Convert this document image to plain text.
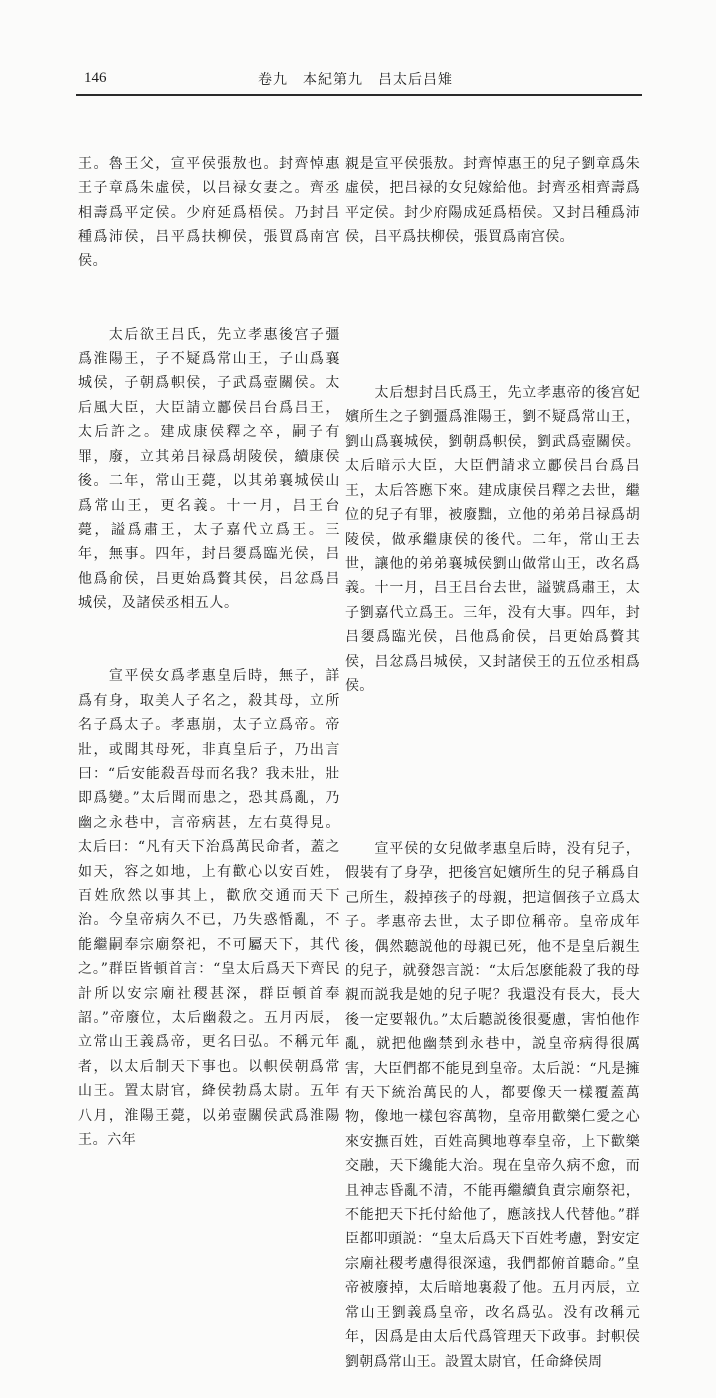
146	卷九　本紀第九　吕太后吕雉

王。魯王父，宣平侯張敖也。封齊悼惠王子章爲朱虛侯，以吕禄女妻之。齊丞相壽爲平定侯。少府延爲梧侯。乃封吕種爲沛侯，吕平爲扶柳侯，張買爲南宫侯。

　　太后欲王吕氏，先立孝惠後宫子彊爲淮陽王，子不疑爲常山王，子山爲襄城侯，子朝爲軹侯，子武爲壺關侯。太后風大臣，大臣請立酈侯吕台爲吕王，太后許之。建成康侯釋之卒，嗣子有罪，廢，立其弟吕禄爲胡陵侯，續康侯後。二年，常山王薨，以其弟襄城侯山爲常山王，更名義。十一月，吕王台薨，謚爲肅王，太子嘉代立爲王。三年，無事。四年，封吕嬃爲臨光侯，吕他爲俞侯，吕更始爲贅其侯，吕忿爲吕城侯，及諸侯丞相五人。

　　宣平侯女爲孝惠皇后時，無子，詳爲有身，取美人子名之，殺其母，立所名子爲太子。孝惠崩，太子立爲帝。帝壯，或聞其母死，非真皇后子，乃出言曰：“后安能殺吾母而名我？我未壯，壯即爲變。”太后聞而患之，恐其爲亂，乃幽之永巷中，言帝病甚，左右莫得見。太后曰：“凡有天下治爲萬民命者，蓋之如天，容之如地，上有歡心以安百姓，百姓欣然以事其上，歡欣交通而天下治。今皇帝病久不已，乃失惑惛亂，不能繼嗣奉宗廟祭祀，不可屬天下，其代之。”群臣皆頓首言：“皇太后爲天下齊民計所以安宗廟社稷甚深，群臣頓首奉詔。”帝廢位，太后幽殺之。五月丙辰，立常山王義爲帝，更名曰弘。不稱元年者，以太后制天下事也。以軹侯朝爲常山王。置太尉官，絳侯勃爲太尉。五年八月，淮陽王薨，以弟壺關侯武爲淮陽王。六年

親是宣平侯張敖。封齊悼惠王的兒子劉章爲朱虛侯，把吕禄的女兒嫁給他。封齊丞相齊壽爲平定侯。封少府陽成延爲梧侯。又封吕種爲沛侯，吕平爲扶柳侯，張買爲南宫侯。

　　太后想封吕氏爲王，先立孝惠帝的後宫妃嬪所生之子劉彊爲淮陽王，劉不疑爲常山王，劉山爲襄城侯，劉朝爲軹侯，劉武爲壺關侯。太后暗示大臣，大臣們請求立酈侯吕台爲吕王，太后答應下來。建成康侯吕釋之去世，繼位的兒子有罪，被廢黜，立他的弟弟吕禄爲胡陵侯，做承繼康侯的後代。二年，常山王去世，讓他的弟弟襄城侯劉山做常山王，改名爲義。十一月，吕王吕台去世，謚號爲肅王，太子劉嘉代立爲王。三年，没有大事。四年，封吕嬃爲臨光侯，吕他爲俞侯，吕更始爲贅其侯，吕忿爲吕城侯，又封諸侯王的五位丞相爲侯。

　　宣平侯的女兒做孝惠皇后時，没有兒子，假裝有了身孕，把後宫妃嬪所生的兒子稱爲自己所生，殺掉孩子的母親，把這個孩子立爲太子。孝惠帝去世，太子即位稱帝。皇帝成年後，偶然聽説他的母親已死，他不是皇后親生的兒子，就發怨言説：“太后怎麽能殺了我的母親而説我是她的兒子呢？我還没有長大，長大後一定要報仇。”太后聽説後很憂慮，害怕他作亂，就把他幽禁到永巷中，説皇帝病得很厲害，大臣們都不能見到皇帝。太后説：“凡是擁有天下統治萬民的人，都要像天一樣覆蓋萬物，像地一樣包容萬物，皇帝用歡樂仁愛之心來安撫百姓，百姓高興地尊奉皇帝，上下歡樂交融，天下纔能大治。現在皇帝久病不愈，而且神志昏亂不清，不能再繼續負責宗廟祭祀，不能把天下托付給他了，應該找人代替他。”群臣都叩頭説：“皇太后爲天下百姓考慮，對安定宗廟社稷考慮得很深遠，我們都俯首聽命。”皇帝被廢掉，太后暗地裏殺了他。五月丙辰，立常山王劉義爲皇帝，改名爲弘。没有改稱元年，因爲是由太后代爲管理天下政事。封軹侯劉朝爲常山王。設置太尉官，任命絳侯周
